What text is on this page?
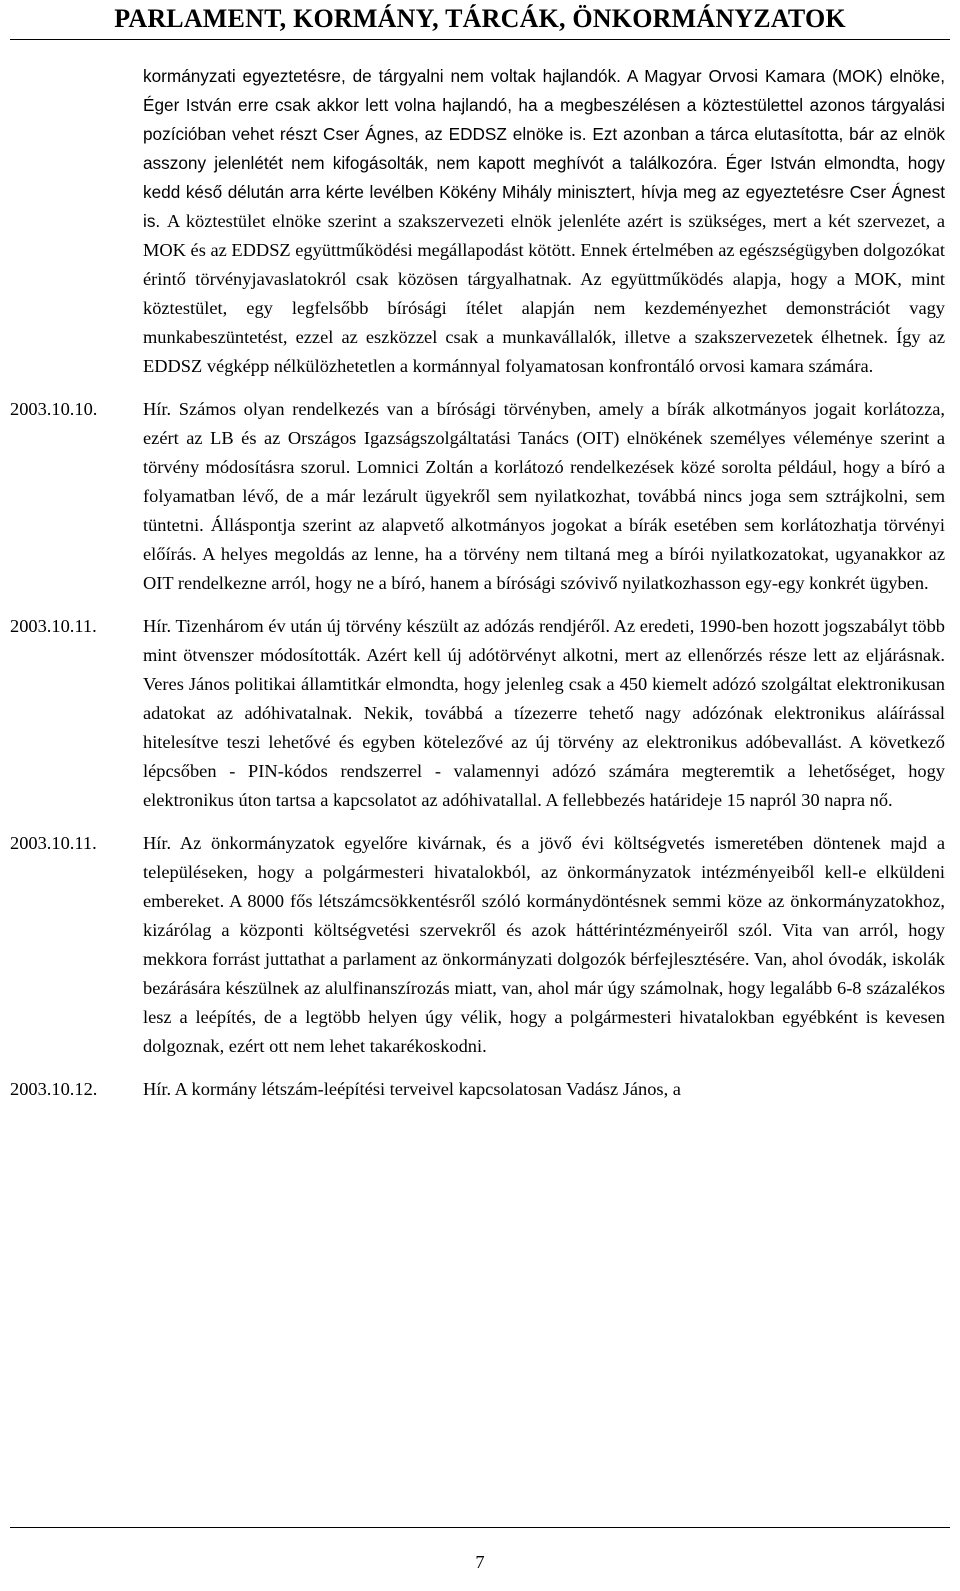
PARLAMENT, KORMÁNY, TÁRCÁK, ÖNKORMÁNYZATOK
kormányzati egyeztetésre, de tárgyalni nem voltak hajlandók. A Magyar Orvosi Kamara (MOK) elnöke, Éger István erre csak akkor lett volna hajlandó, ha a megbeszélésen a köztestülettel azonos tárgyalási pozícióban vehet részt Cser Ágnes, az EDDSZ elnöke is. Ezt azonban a tárca elutasította, bár az elnök asszony jelenlétét nem kifogásolták, nem kapott meghívót a találkozóra. Éger István elmondta, hogy kedd késő délután arra kérte levélben Kökény Mihály minisztert, hívja meg az egyeztetésre Cser Ágnest is. A köztestület elnöke szerint a szakszervezeti elnök jelenléte azért is szükséges, mert a két szervezet, a MOK és az EDDSZ együttműködési megállapodást kötött. Ennek értelmében az egészségügyben dolgozókat érintő törvényjavaslatokról csak közösen tárgyalhatnak. Az együttműködés alapja, hogy a MOK, mint köztestület, egy legfelsőbb bírósági ítélet alapján nem kezdeményezhet demonstrációt vagy munkabeszüntetést, ezzel az eszközzel csak a munkavállalók, illetve a szakszervezetek élhetnek. Így az EDDSZ végképp nélkülözhetetlen a kormánnyal folyamatosan konfrontáló orvosi kamara számára.
2003.10.10.	Hír. Számos olyan rendelkezés van a bírósági törvényben, amely a bírák alkotmányos jogait korlátozza, ezért az LB és az Országos Igazságszolgáltatási Tanács (OIT) elnökének személyes véleménye szerint a törvény módosításra szorul. Lomnici Zoltán a korlátozó rendelkezések közé sorolta például, hogy a bíró a folyamatban lévő, de a már lezárult ügyekről sem nyilatkozhat, továbbá nincs joga sem sztrájkolni, sem tüntetni. Álláspontja szerint az alapvető alkotmányos jogokat a bírák esetében sem korlátozhatja törvényi előírás. A helyes megoldás az lenne, ha a törvény nem tiltaná meg a bírói nyilatkozatokat, ugyanakkor az OIT rendelkezne arról, hogy ne a bíró, hanem a bírósági szóvivő nyilatkozhasson egy-egy konkrét ügyben.
2003.10.11.	Hír. Tizenhárom év után új törvény készült az adózás rendjéről. Az eredeti, 1990-ben hozott jogszabályt több mint ötvenszer módosították. Azért kell új adótörvényt alkotni, mert az ellenőrzés része lett az eljárásnak. Veres János politikai államtitkár elmondta, hogy jelenleg csak a 450 kiemelt adózó szolgáltat elektronikusan adatokat az adóhivatalnak. Nekik, továbbá a tízezerre tehető nagy adózónak elektronikus aláírással hitelesítve teszi lehetővé és egyben kötelezővé az új törvény az elektronikus adóbevallást. A következő lépcsőben - PIN-kódos rendszerrel - valamennyi adózó számára megteremtik a lehetőséget, hogy elektronikus úton tartsa a kapcsolatot az adóhivatallal. A fellebbezés határideje 15 napról 30 napra nő.
2003.10.11.	Hír. Az önkormányzatok egyelőre kivárnak, és a jövő évi költségvetés ismeretében döntenek majd a településeken, hogy a polgármesteri hivatalokból, az önkormányzatok intézményeiből kell-e elküldeni embereket. A 8000 fős létszámcsökkentésről szóló kormánydöntésnek semmi köze az önkormányzatokhoz, kizárólag a központi költségvetési szervekről és azok háttérintézményeiről szól. Vita van arról, hogy mekkora forrást juttathat a parlament az önkormányzati dolgozók bérfejlesztésére. Van, ahol óvodák, iskolák bezárására készülnek az alulfinanszírozás miatt, van, ahol már úgy számolnak, hogy legalább 6-8 százalékos lesz a leépítés, de a legtöbb helyen úgy vélik, hogy a polgármesteri hivatalokban egyébként is kevesen dolgoznak, ezért ott nem lehet takarékoskodni.
2003.10.12.	Hír. A kormány létszám-leépítési terveivel kapcsolatosan Vadász János, a
7
